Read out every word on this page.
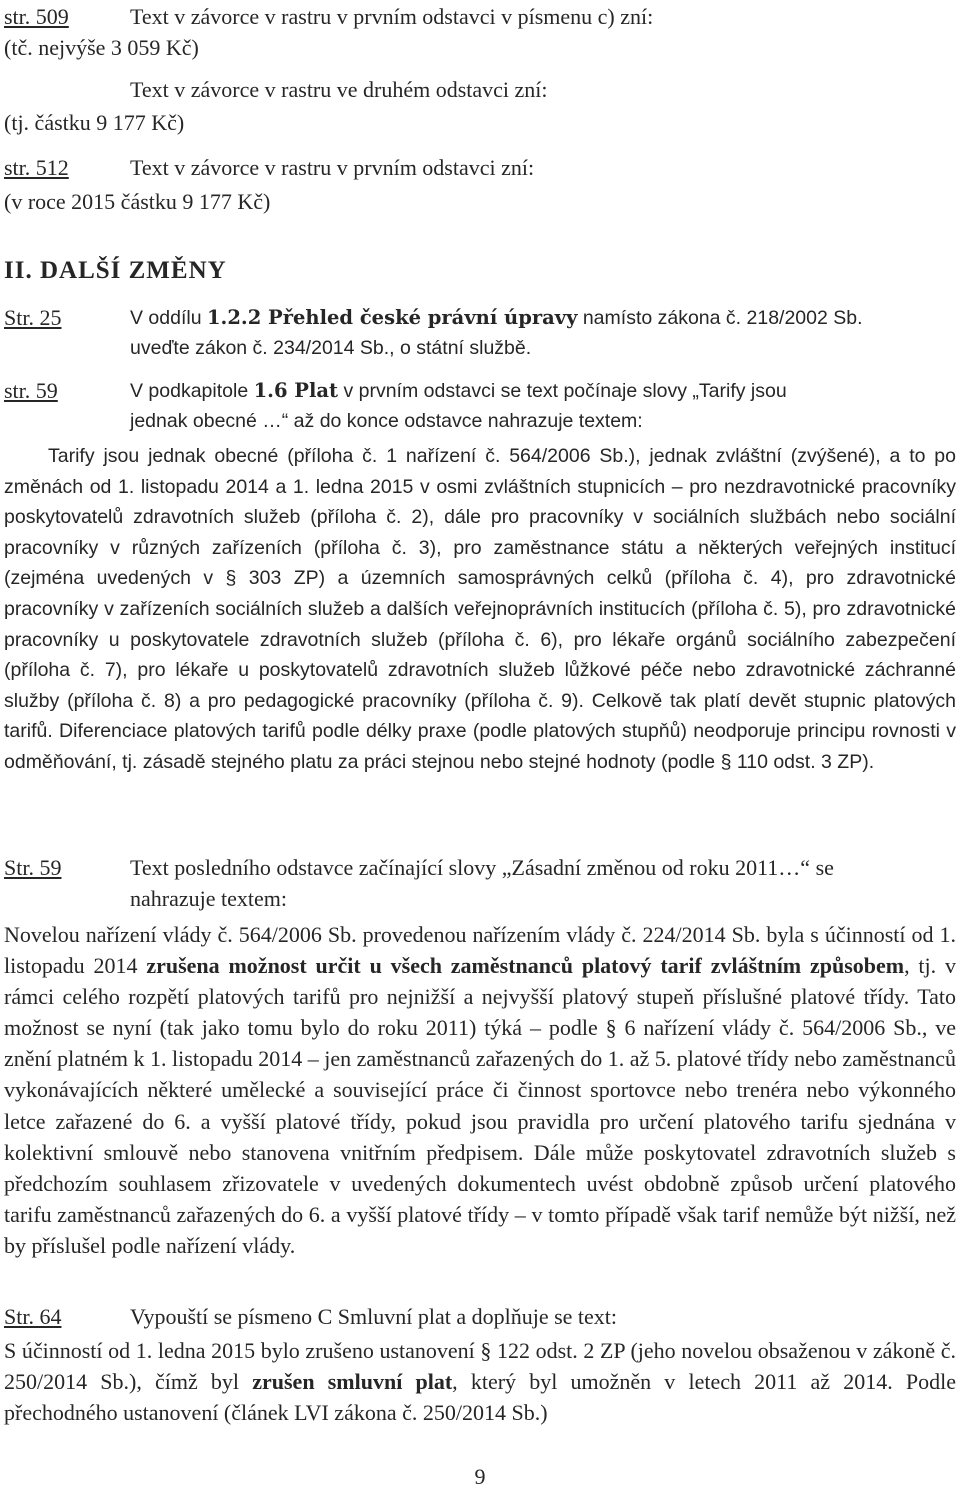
str. 509	Text v závorce v rastru v prvním odstavci v písmenu c) zní:
(tč. nejvýše 3 059 Kč)
Text v závorce v rastru ve druhém odstavci zní:
(tj. částku 9 177 Kč)
str. 512	Text v závorce v rastru v prvním odstavci zní:
(v roce 2015 částku 9 177 Kč)
II. DALŠÍ ZMĚNY
Str. 25	V oddílu 1.2.2 Přehled české právní úpravy namísto zákona č. 218/2002 Sb.
uveďte zákon č. 234/2014 Sb., o státní službě.
str. 59	V podkapitole 1.6 Plat v prvním odstavci se text počínaje slovy „Tarify jsou
jednak obecné …“ až do konce odstavce nahrazuje textem:
Tarify jsou jednak obecné (příloha č. 1 nařízení č. 564/2006 Sb.), jednak zvláštní (zvýšené), a to po změnách od 1. listopadu 2014 a 1. ledna 2015 v osmi zvláštních stupnicích – pro nezdravotnické pracovníky poskytovatelů zdravotních služeb (příloha č. 2), dále pro pracovníky v sociálních službách nebo sociální pracovníky v různých zařízeních (příloha č. 3), pro zaměstnance státu a některých veřejných institucí (zejména uvedených v § 303 ZP) a územních samosprávných celků (příloha č. 4), pro zdravotnické pracovníky v zařízeních sociálních služeb a dalších veřejnoprávních institucích (příloha č. 5), pro zdravotnické pracovníky u poskytovatele zdravotních služeb (příloha č. 6), pro lékaře orgánů sociálního zabezpečení (příloha č. 7), pro lékaře u poskytovatelů zdravotních služeb lůžkové péče nebo zdravotnické záchranné služby (příloha č. 8) a pro pedagogické pracovníky (příloha č. 9). Celkově tak platí devět stupnic platových tarifů. Diferenciace platových tarifů podle délky praxe (podle platových stupňů) neodporuje principu rovnosti v odměňování, tj. zásadě stejného platu za práci stejnou nebo stejné hodnoty (podle § 110 odst. 3 ZP).
Str. 59	Text posledního odstavce začínající slovy „Zásadní změnou od roku 2011…“ se
nahrazuje textem:
Novelou nařízení vlády č. 564/2006 Sb. provedenou nařízením vlády č. 224/2014 Sb. byla s účinností od 1. listopadu 2014 zrušena možnost určit u všech zaměstnanců platový tarif zvláštním způsobem, tj. v rámci celého rozpětí platových tarifů pro nejnižší a nejvyšší platový stupeň příslušné platové třídy. Tato možnost se nyní (tak jako tomu bylo do roku 2011) týká – podle § 6 nařízení vlády č. 564/2006 Sb., ve znění platném k 1. listopadu 2014 – jen zaměstnanců zařazených do 1. až 5. platové třídy nebo zaměstnanců vykonávajících některé umělecké a související práce či činnost sportovce nebo trenéra nebo výkonného letce zařazené do 6. a vyšší platové třídy, pokud jsou pravidla pro určení platového tarifu sjednána v kolektivní smlouvě nebo stanovena vnitřním předpisem. Dále může poskytovatel zdravotních služeb s předchozím souhlasem zřizovatele v uvedených dokumentech uvést obdobně způsob určení platového tarifu zaměstnanců zařazených do 6. a vyšší platové třídy – v tomto případě však tarif nemůže být nižší, než by příslušel podle nařízení vlády.
Str. 64	Vypouští se písmeno C Smluvní plat a doplňuje se text:
S účinností od 1. ledna 2015 bylo zrušeno ustanovení § 122 odst. 2 ZP (jeho novelou obsaženou v zákoně č. 250/2014 Sb.), čímž byl zrušen smluvní plat, který byl umožněn v letech 2011 až 2014. Podle přechodného ustanovení (článek LVI zákona č. 250/2014 Sb.)
9
